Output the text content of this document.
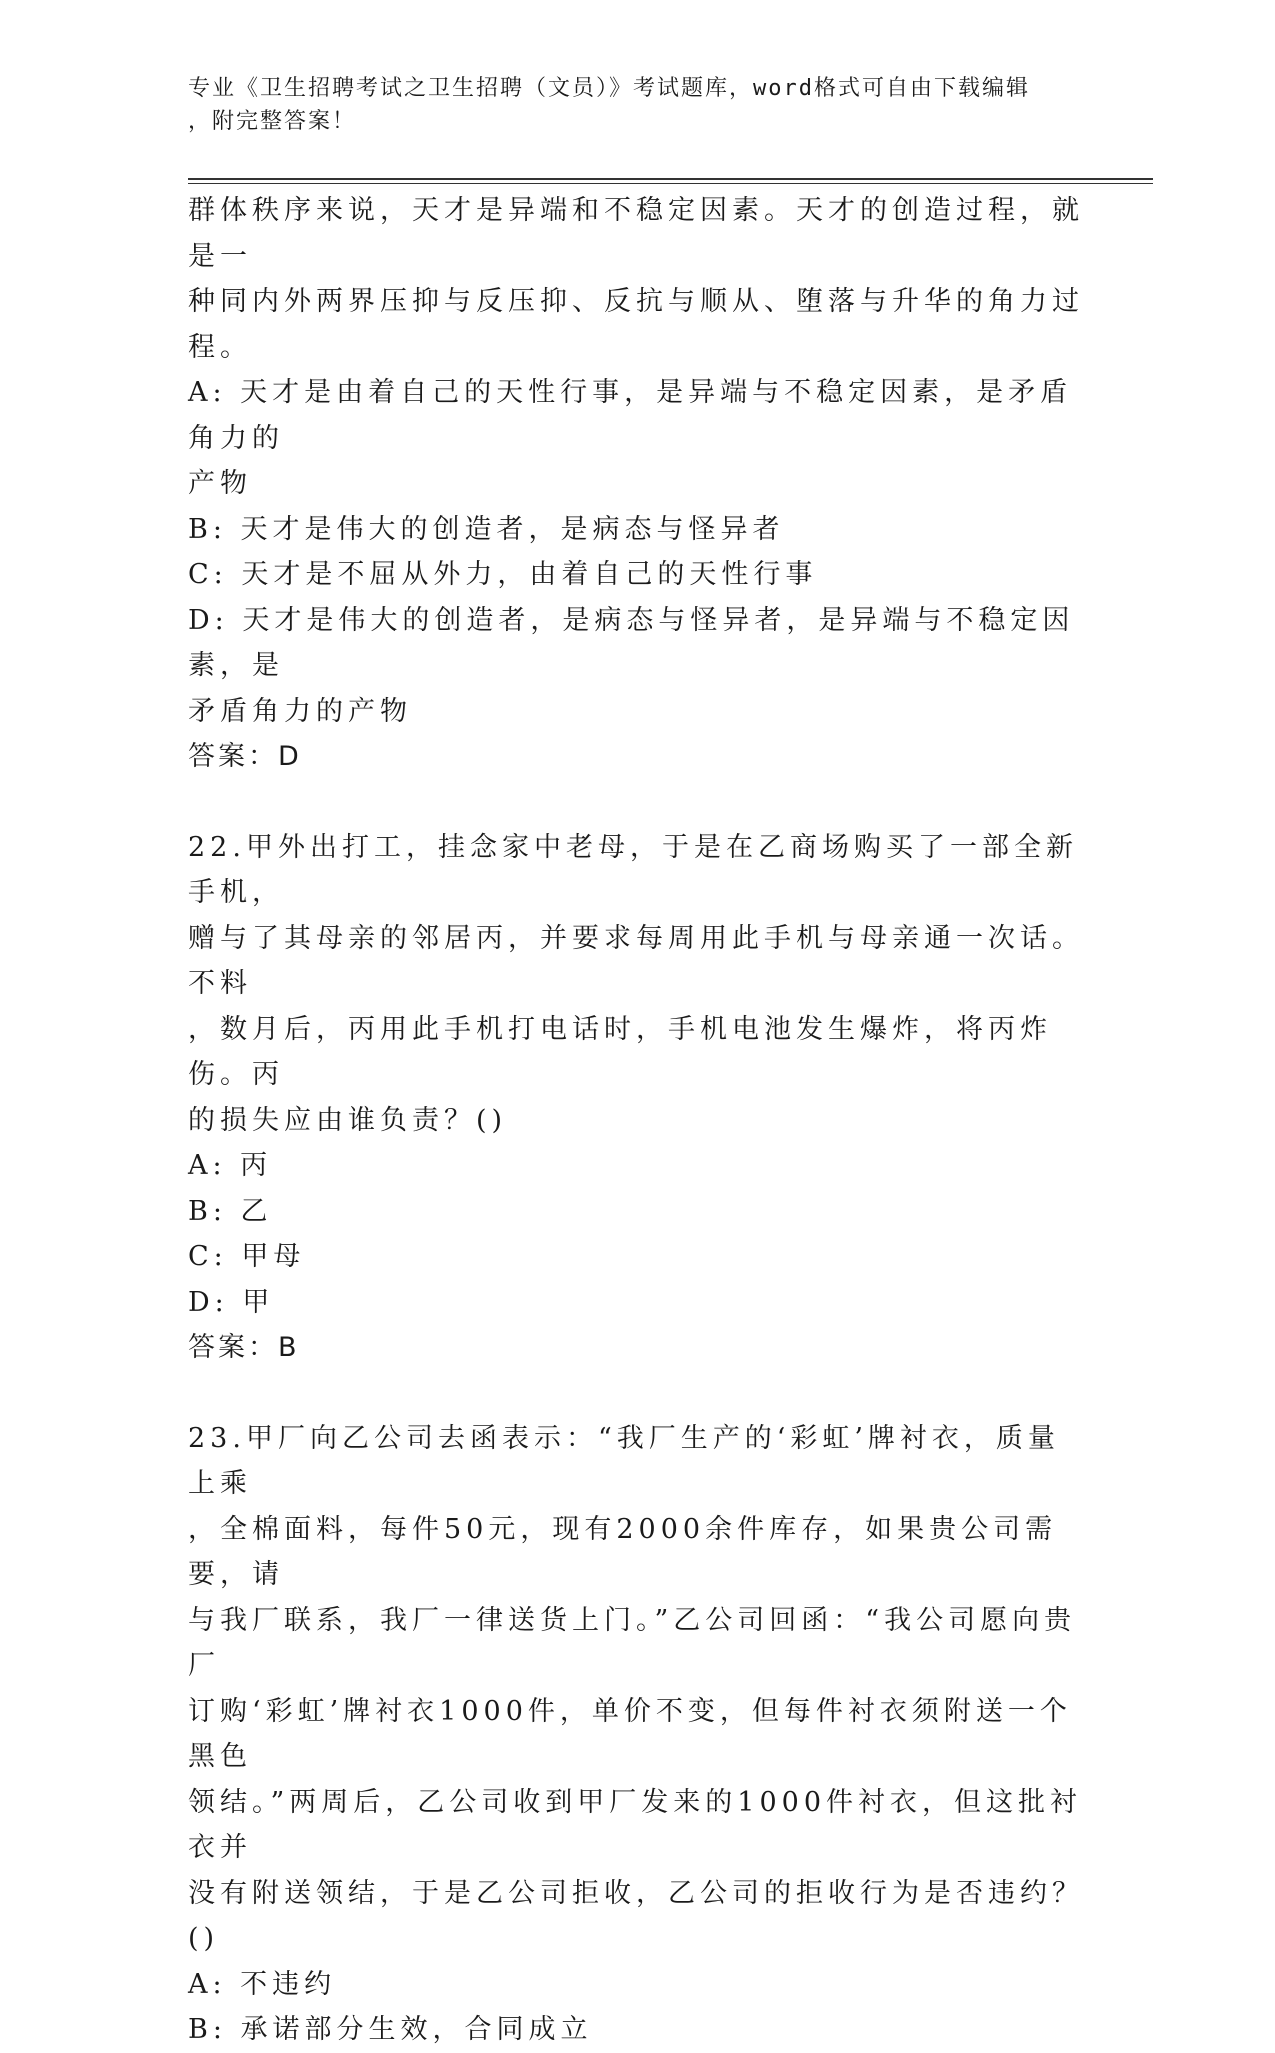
专业《卫生招聘考试之卫生招聘（文员）》考试题库，word格式可自由下载编辑
，附完整答案！

群体秩序来说，天才是异端和不稳定因素。天才的创造过程，就是一

种同内外两界压抑与反压抑、反抗与顺从、堕落与升华的角力过程。

A: 天才是由着自己的天性行事，是异端与不稳定因素，是矛盾角力的

产物

B: 天才是伟大的创造者，是病态与怪异者

C: 天才是不屈从外力，由着自己的天性行事

D: 天才是伟大的创造者，是病态与怪异者，是异端与不稳定因素，是

矛盾角力的产物

答案：D

22.甲外出打工，挂念家中老母，于是在乙商场购买了一部全新手机，

赠与了其母亲的邻居丙，并要求每周用此手机与母亲通一次话。不料

，数月后，丙用此手机打电话时，手机电池发生爆炸，将丙炸伤。丙

的损失应由谁负责？()

A: 丙

B: 乙

C: 甲母

D: 甲

答案：B

23.甲厂向乙公司去函表示：“我厂生产的‘彩虹’牌衬衣，质量上乘

，全棉面料，每件50元，现有2000余件库存，如果贵公司需要，请

与我厂联系，我厂一律送货上门。”乙公司回函：“我公司愿向贵厂

订购‘彩虹’牌衬衣1000件，单价不变，但每件衬衣须附送一个黑色

领结。”两周后，乙公司收到甲厂发来的1000件衬衣，但这批衬衣并

没有附送领结，于是乙公司拒收，乙公司的拒收行为是否违约？()

A: 不违约

B: 承诺部分生效，合同成立
